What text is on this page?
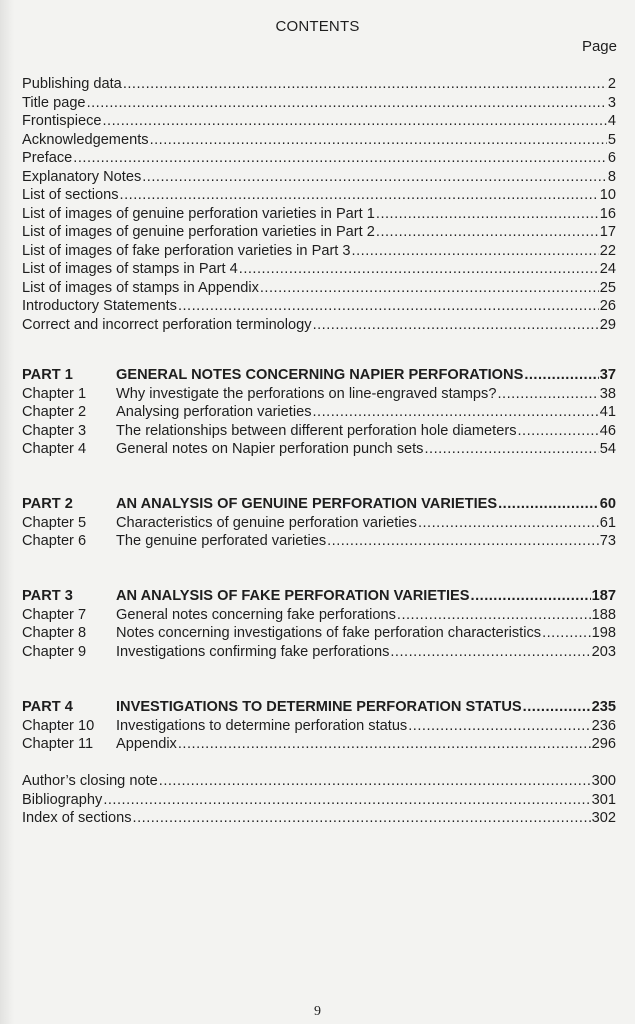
CONTENTS
Page
Publishing data .....	2
Title page .....	3
Frontispiece .....	4
Acknowledgements .....	5
Preface .....	6
Explanatory Notes .....	8
List of sections .....	10
List of images of genuine perforation varieties in Part 1 .....	16
List of images of genuine perforation varieties in Part 2 .....	17
List of images of fake perforation varieties in Part 3 .....	22
List of images of stamps in Part 4 .....	24
List of images of stamps in Appendix .....	25
Introductory Statements .....	26
Correct and incorrect perforation terminology .....	29
PART 1	GENERAL NOTES CONCERNING NAPIER PERFORATIONS .....	37
Chapter 1	Why investigate the perforations on line-engraved stamps? .....	38
Chapter 2	Analysing perforation varieties .....	41
Chapter 3	The relationships between different perforation hole diameters .....	46
Chapter 4	General notes on Napier perforation punch sets .....	54
PART 2	AN ANALYSIS OF GENUINE PERFORATION VARIETIES .....	60
Chapter 5	Characteristics of genuine perforation varieties .....	61
Chapter 6	The genuine perforated varieties .....	73
PART 3	AN ANALYSIS OF FAKE PERFORATION VARIETIES .....	187
Chapter 7	General notes concerning fake perforations .....	188
Chapter 8	Notes concerning investigations of fake perforation characteristics .....	198
Chapter 9	Investigations confirming fake perforations .....	203
PART 4	INVESTIGATIONS TO DETERMINE PERFORATION STATUS .....	235
Chapter 10	Investigations to determine perforation status .....	236
Chapter 11	Appendix .....	296
Author’s closing note .....	300
Bibliography .....	301
Index of sections .....	302
9
